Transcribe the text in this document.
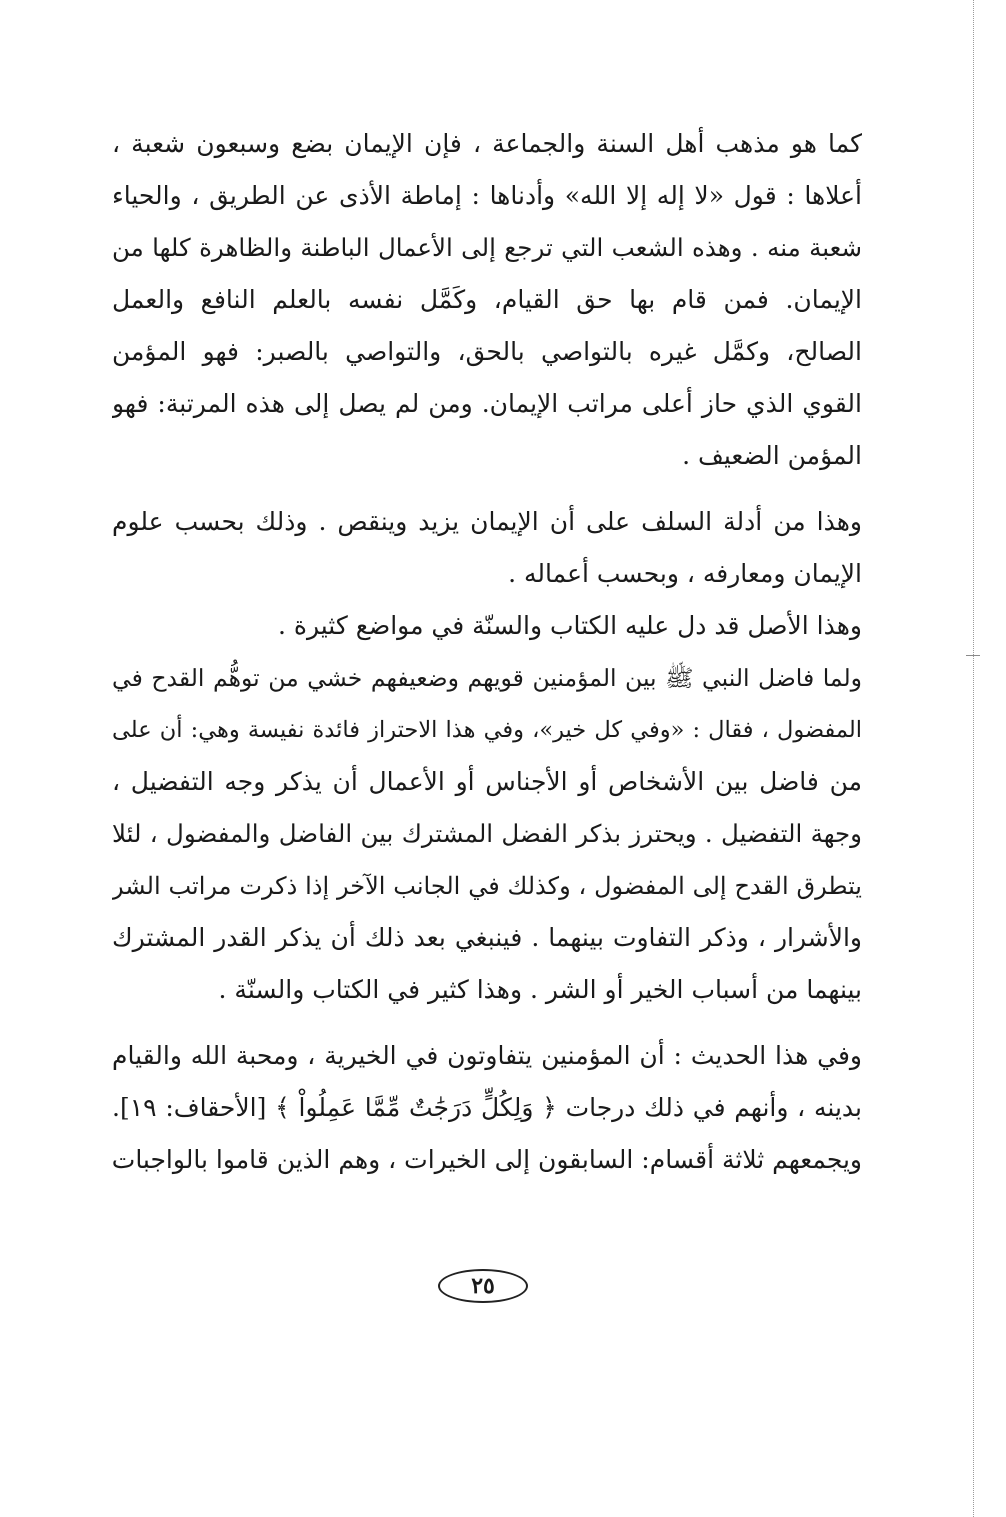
كما هو مذهب أهل السنة والجماعة ، فإن الإيمان بضع وسبعون شعبة ،
أعلاها : قول «لا إله إلا الله» وأدناها : إماطة الأذى عن الطريق ، والحياء
شعبة منه . وهذه الشعب التي ترجع إلى الأعمال الباطنة والظاهرة كلها من
الإيمان. فمن قام بها حق القيام، وكَمَّل نفسه بالعلم النافع والعمل
الصالح، وكمَّل غيره بالتواصي بالحق، والتواصي بالصبر: فهو المؤمن
القوي الذي حاز أعلى مراتب الإيمان. ومن لم يصل إلى هذه المرتبة: فهو
المؤمن الضعيف .
وهذا من أدلة السلف على أن الإيمان يزيد وينقص . وذلك بحسب علوم
الإيمان ومعارفه ، وبحسب أعماله .
وهذا الأصل قد دل عليه الكتاب والسنّة في مواضع كثيرة .
ولما فاضل النبي ﷺ بين المؤمنين قويهم وضعيفهم خشي من توهُّم القدح في
المفضول ، فقال : «وفي كل خير»، وفي هذا الاحتراز فائدة نفيسة وهي: أن على
من فاضل بين الأشخاص أو الأجناس أو الأعمال أن يذكر وجه التفضيل ،
وجهة التفضيل . ويحترز بذكر الفضل المشترك بين الفاضل والمفضول ، لئلا
يتطرق القدح إلى المفضول ، وكذلك في الجانب الآخر إذا ذكرت مراتب الشر
والأشرار ، وذكر التفاوت بينهما . فينبغي بعد ذلك أن يذكر القدر المشترك
بينهما من أسباب الخير أو الشر . وهذا كثير في الكتاب والسنّة .
وفي هذا الحديث : أن المؤمنين يتفاوتون في الخيرية ، ومحبة الله والقيام
بدينه ، وأنهم في ذلك درجات ﴿ وَلِكُلٍّ دَرَجَٰتٌ مِّمَّا عَمِلُواْ ﴾ [الأحقاف: ١٩].
ويجمعهم ثلاثة أقسام: السابقون إلى الخيرات ، وهم الذين قاموا بالواجبات
٢٥
